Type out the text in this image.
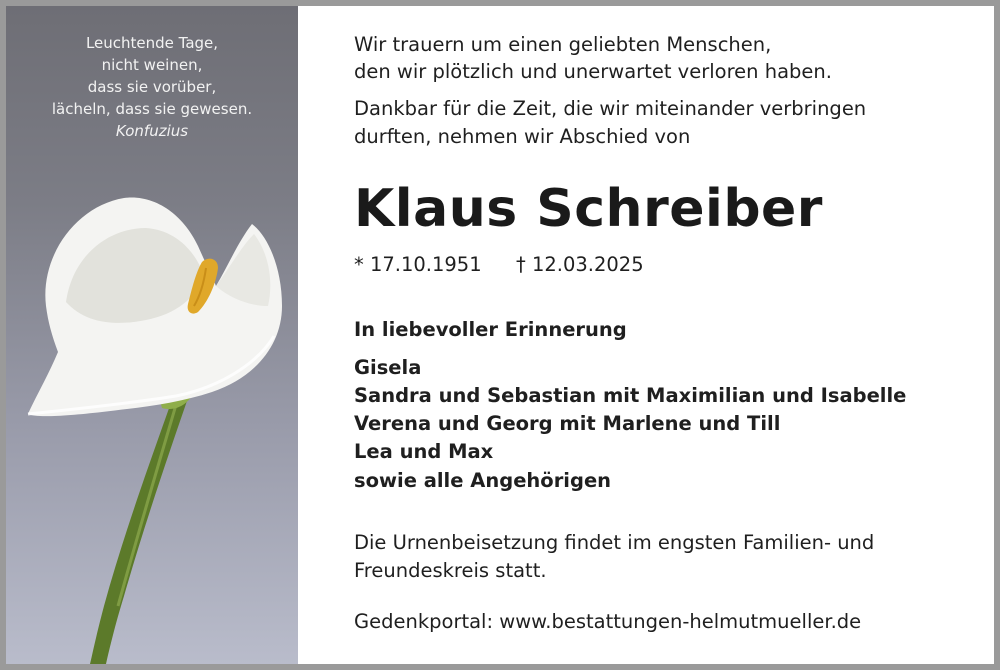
Leuchtende Tage,
nicht weinen,
dass sie vorüber,
lächeln, dass sie gewesen.
Konfuzius
Wir trauern um einen geliebten Menschen,
den wir plötzlich und unerwartet verloren haben.
Dankbar für die Zeit, die wir miteinander verbringen
durften, nehmen wir Abschied von
Klaus Schreiber
* 17.10.1951 † 12.03.2025
In liebevoller Erinnerung
Gisela
Sandra und Sebastian mit Maximilian und Isabelle
Verena und Georg mit Marlene und Till
Lea und Max
sowie alle Angehörigen
Die Urnenbeisetzung findet im engsten Familien- und
Freundeskreis statt.
Gedenkportal: www.bestattungen-helmutmueller.de
